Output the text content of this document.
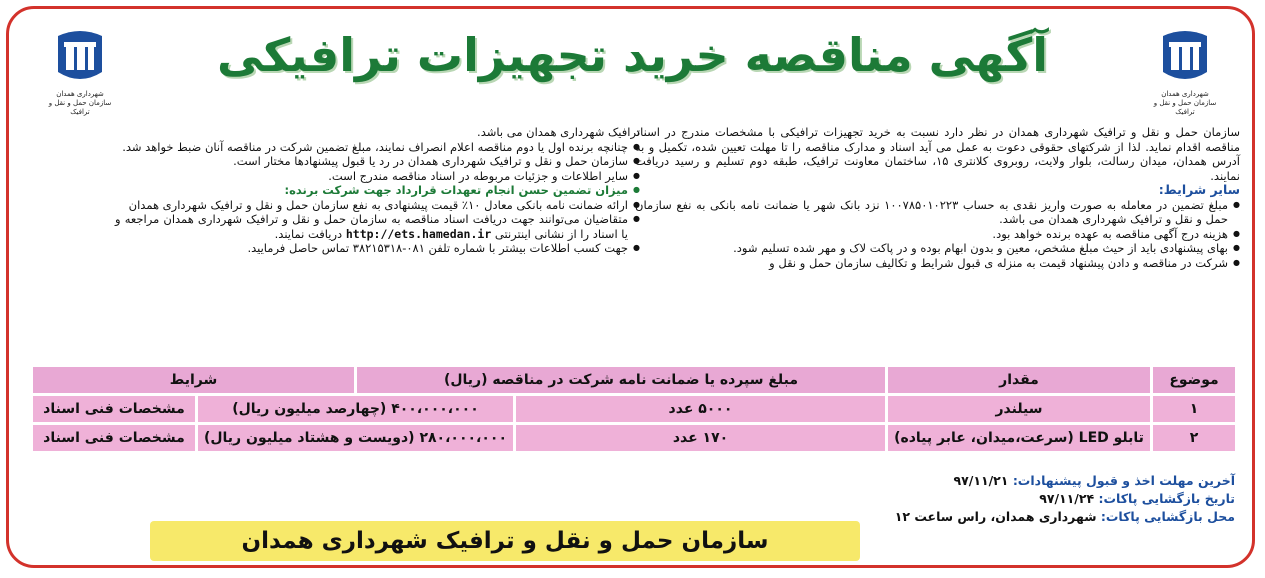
شهرداری همدان
سازمان حمل و نقل و ترافیک
شهرداری همدان
سازمان حمل و نقل و ترافیک
آگهی مناقصه خرید تجهیزات ترافیکی

سازمان حمل و نقل و ترافیک شهرداری همدان در نظر دارد نسبت به خرید تجهیزات ترافیکی با مشخصات مندرج در اسناد مناقصه اقدام نماید. لذا از شرکتهای حقوقی دعوت به عمل می آید اسناد و مدارک مناقصه را تا مهلت تعیین شده، تکمیل و به آدرس همدان، میدان رسالت، بلوار ولایت، روبروی کلانتری ۱۵، ساختمان معاونت ترافیک، طبقه دوم تسلیم و رسید دریافت نمایند.

سایر شرایط:

● مبلغ تضمین در معامله به صورت واریز نقدی به حساب ۱۰۰۷۸۵۰۱۰۲۲۳ نزد بانک شهر یا ضمانت نامه بانکی به نفع سازمان حمل و نقل و ترافیک شهرداری همدان می باشد.

● هزینه درج آگهی مناقصه به عهده برنده خواهد بود.

● بهای پیشنهادی باید از حیث مبلغ مشخص، معین و بدون ابهام بوده و در پاکت لاک و مهر شده تسلیم شود.

● شرکت در مناقصه و دادن پیشنهاد قیمت به منزله ی قبول شرایط و تکالیف سازمان حمل و نقل و

ترافیک شهرداری همدان می باشد.

● چنانچه برنده اول یا دوم مناقصه اعلام انصراف نمایند، مبلغ تضمین شرکت در مناقصه آنان ضبط خواهد شد.

● سازمان حمل و نقل و ترافیک شهرداری همدان در رد یا قبول پیشنهادها مختار است.

● سایر اطلاعات و جزئیات مربوطه در اسناد مناقصه مندرج است.

● میزان تضمین حسن انجام تعهدات قرارداد جهت شرکت برنده:

● ارائه ضمانت نامه بانکی معادل ۱۰٪ قیمت پیشنهادی به نفع سازمان حمل و نقل و ترافیک شهرداری همدان

● متقاضیان می‌توانند جهت دریافت اسناد مناقصه به سازمان حمل و نقل و ترافیک شهرداری همدان مراجعه و یا اسناد را از نشانی اینترنتی http://ets.hamedan.ir دریافت نمایند.

● جهت کسب اطلاعات بیشتر با شماره تلفن ۰۸۱-۳۸۲۱۵۳۱۸ تماس حاصل فرمایید.

موضوع	مقدار	مبلغ سپرده یا ضمانت نامه شرکت در مناقصه (ریال)		شرایط	
۱	سیلندر	۵۰۰۰ عدد	۴۰۰،۰۰۰،۰۰۰ (چهارصد میلیون ریال)		مشخصات فنی اسناد
۲	تابلو LED (سرعت،میدان، عابر پیاده)	۱۷۰ عدد	۲۸۰،۰۰۰،۰۰۰ (دویست و هشتاد میلیون ریال)		مشخصات فنی اسناد
آخرین مهلت اخذ و قبول پیشنهادات: ۹۷/۱۱/۲۱
تاریخ بازگشایی پاکات: ۹۷/۱۱/۲۴
محل بازگشایی پاکات: شهرداری همدان، راس ساعت ۱۲
سازمان حمل و نقل و ترافیک شهرداری همدان
